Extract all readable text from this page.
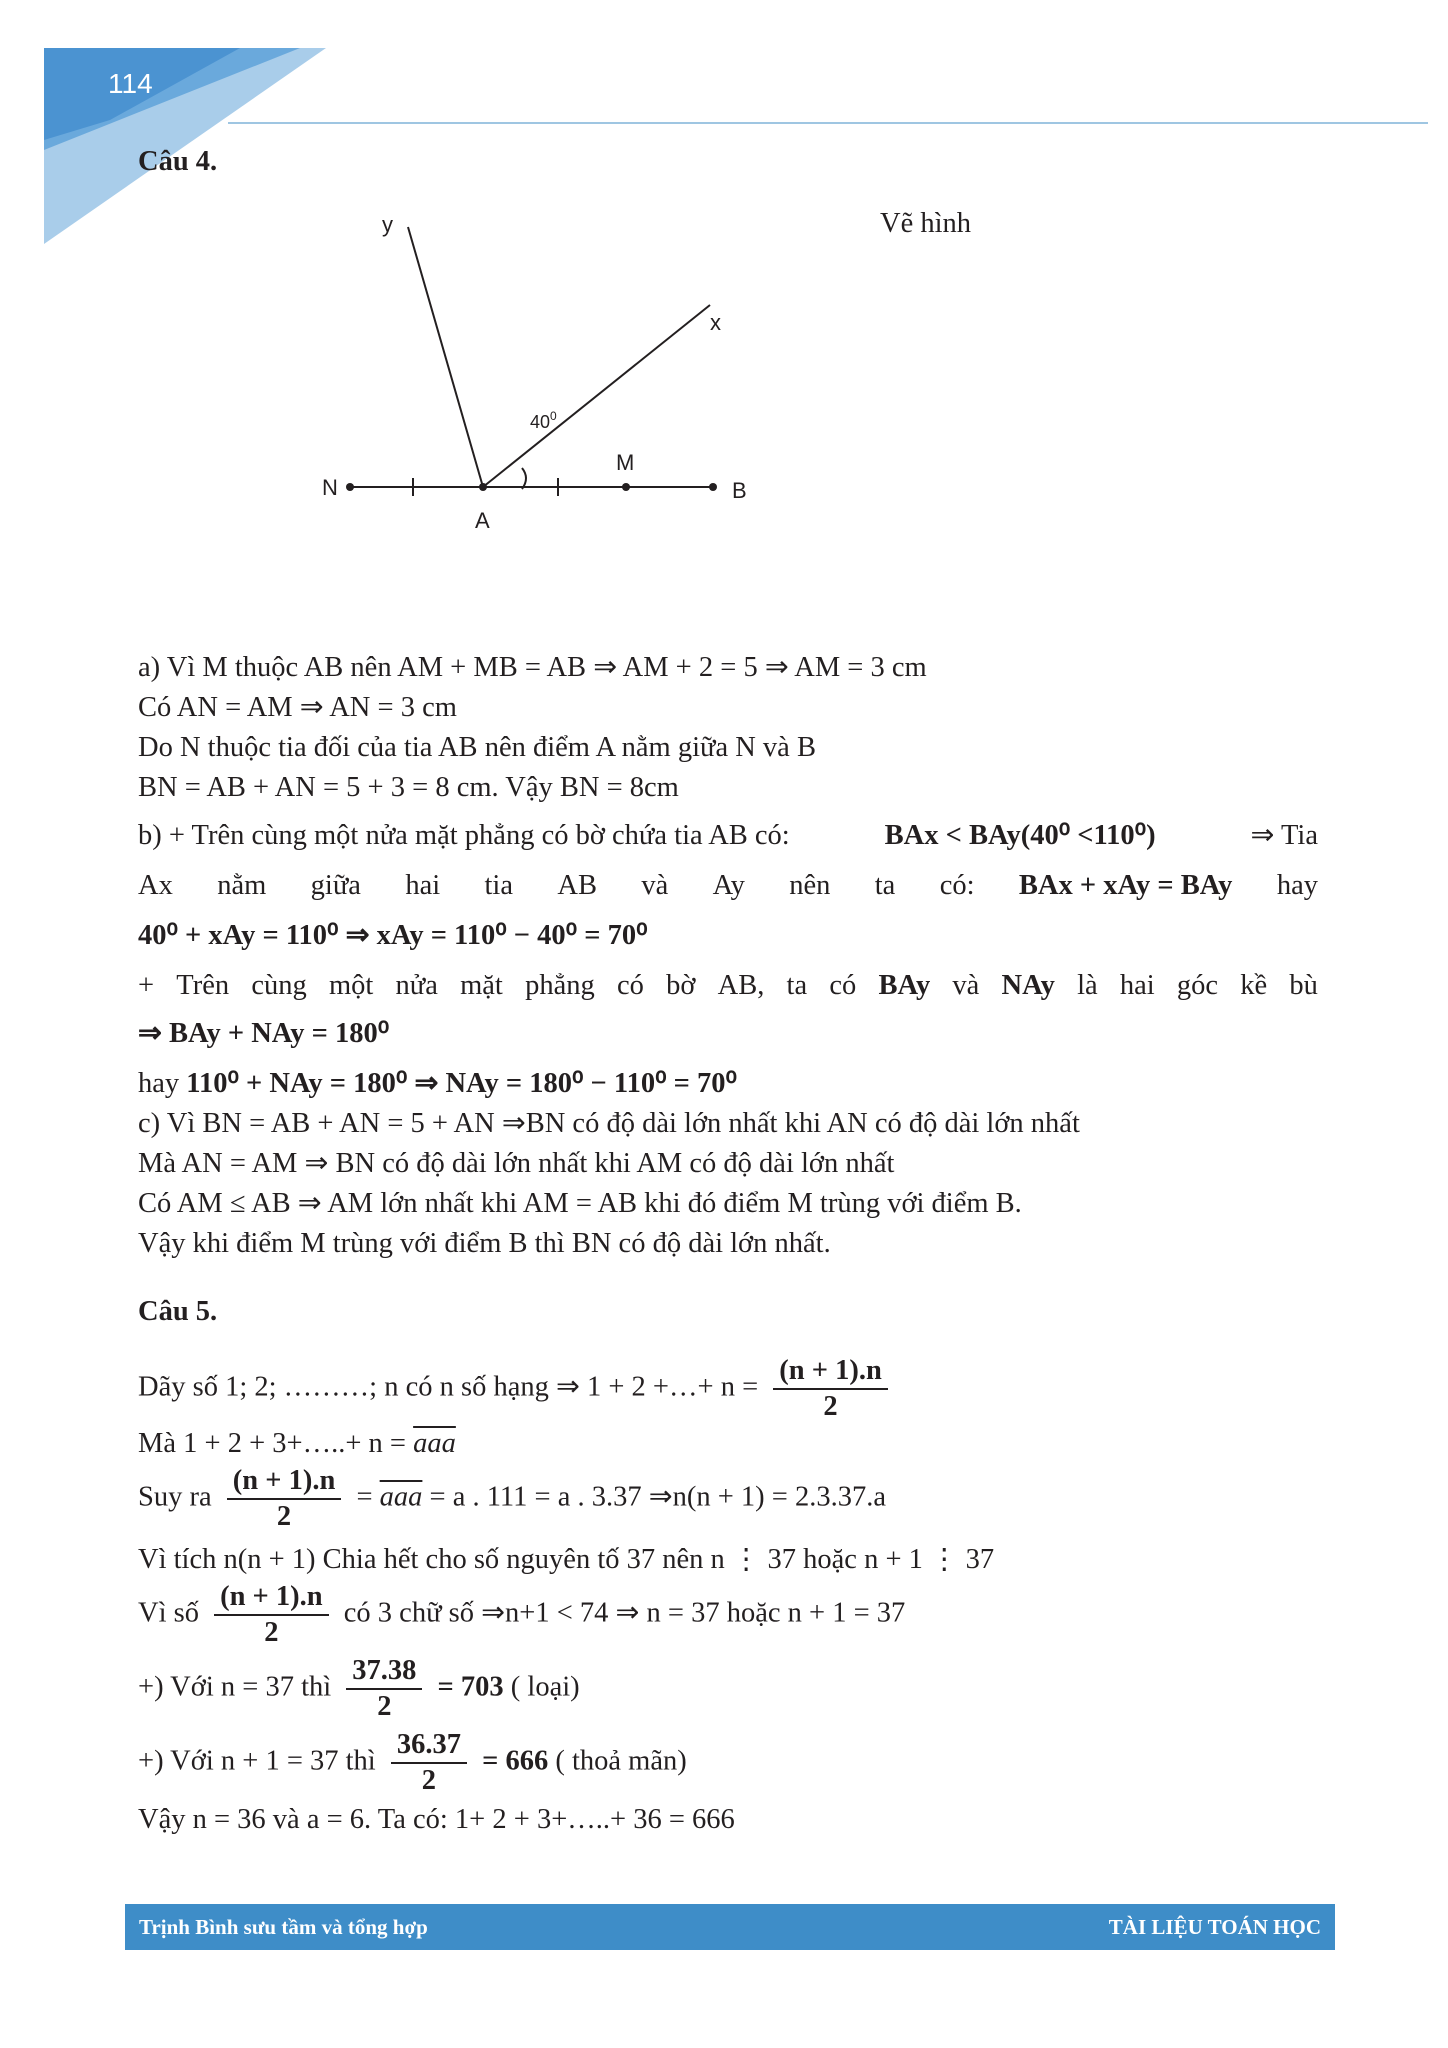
114
Câu 4.
Vẽ hình
y
x
$40^0$
N
A
M
B
a) Vì M thuộc AB nên AM + MB = AB ⇒ AM + 2 = 5 ⇒ AM = 3 cm
Có AN = AM ⇒ AN = 3 cm
Do N thuộc tia đối của tia AB nên điểm A nằm giữa N và B
BN = AB + AN = 5 + 3 = 8 cm. Vậy BN = 8cm
b) + Trên cùng một nửa mặt phẳng có bờ chứa tia AB có:	BAx < BAy(40⁰ <110⁰)	⇒ Tia
Ax nằm giữa hai tia AB và Ay nên ta có: BAx + xAy = BAy hay
40⁰ + xAy = 110⁰ ⇒ xAy = 110⁰ − 40⁰ = 70⁰
+ Trên cùng một nửa mặt phẳng có bờ AB, ta có BAy và NAy là hai góc kề bù
⇒ BAy + NAy = 180⁰
hay 110⁰ + NAy = 180⁰ ⇒ NAy = 180⁰ − 110⁰ = 70⁰
c) Vì BN = AB + AN = 5 + AN ⇒BN có độ dài lớn nhất khi AN có độ dài lớn nhất
Mà AN = AM ⇒ BN có độ dài lớn nhất khi AM có độ dài lớn nhất
Có AM ≤ AB ⇒ AM lớn nhất khi AM = AB khi đó điểm M trùng với điểm B.
Vậy khi điểm M trùng với điểm B thì BN có độ dài lớn nhất.
Câu 5.
Dãy số 1; 2; ………; n có n số hạng ⇒ 1 + 2 +…+ $n = \frac{(n + 1).n}{2}$
Mà 1 + 2 + 3+…..+ $n = \overline{aaa}$
Suy ra $\frac{(n + 1).n}{2} = \overline{aaa} = a$ . 111 = a . 3.37 ⇒n(n + 1) = 2.3.37.a
Vì tích n(n + 1) Chia hết cho số nguyên tố 37 nên n ⋮ 37 hoặc n + 1 ⋮ 37
Vì số $\frac{(n + 1).n}{2}$ có 3 chữ số ⇒n+1 < 74 ⇒ n = 37 hoặc n + 1 = 37
+) Với n = 37 thì $\frac{37.38}{2} = 703$ ( loại)
+) Với n + 1 = 37 thì $\frac{36.37}{2} = 666$ ( thoả mãn)
Vậy n = 36 và a = 6. Ta có: 1+ 2 + 3+…..+ 36 = 666
Trịnh Bình sưu tầm và tổng hợp	TÀI LIỆU TOÁN HỌC
